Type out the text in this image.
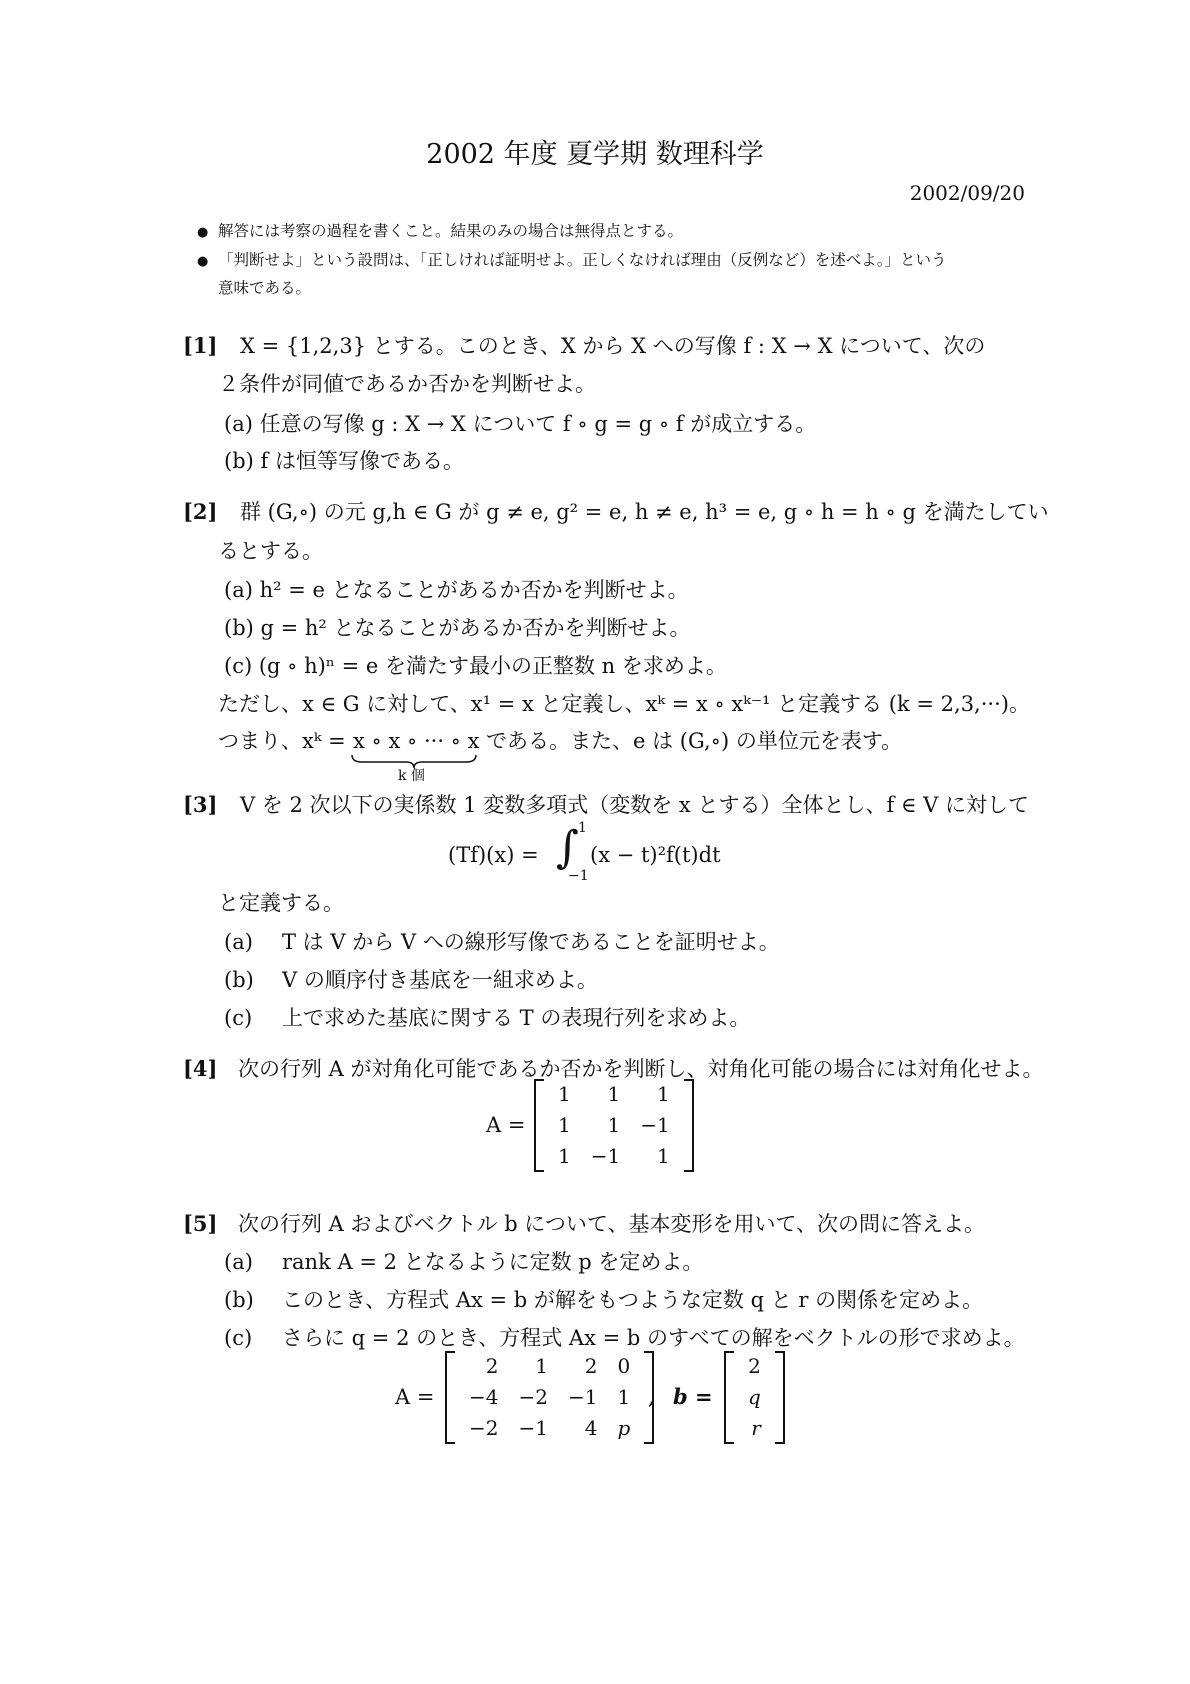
2002 年度 夏学期 数理科学
2002/09/20
● 解答には考察の過程を書くこと。結果のみの場合は無得点とする。
● 「判断せよ」という設問は、「正しければ証明せよ。正しくなければ理由（反例など）を述べよ。」という
意味である。
[1] X = {1,2,3} とする。このとき、X から X への写像 f : X → X について、次の
２条件が同値であるか否かを判断せよ。
(a) 任意の写像 g : X → X について f ∘ g = g ∘ f が成立する。
(b) f は恒等写像である。
[2] 群 (G,∘) の元 g,h ∈ G が g ≠ e, g² = e, h ≠ e, h³ = e, g ∘ h = h ∘ g を満たしてい
るとする。
(a) h² = e となることがあるか否かを判断せよ。
(b) g = h² となることがあるか否かを判断せよ。
(c) (g ∘ h)ⁿ = e を満たす最小の正整数 n を求めよ。
ただし、x ∈ G に対して、x¹ = x と定義し、xᵏ = x ∘ xᵏ⁻¹ と定義する (k = 2,3,···)。
つまり、xᵏ = x ∘ x ∘ ··· ∘ x
k 個
である。また、e は (G,∘) の単位元を表す。
[3] V を 2 次以下の実係数 1 変数多項式（変数を x とする）全体とし、f ∈ V に対して
(Tf)(x) = ∫ 1
−1
(x − t)²f(t)dt
と定義する。
(a) T は V から V への線形写像であることを証明せよ。
(b) V の順序付き基底を一組求めよ。
(c) 上で求めた基底に関する T の表現行列を求めよ。
[4] 次の行列 A が対角化可能であるか否かを判断し、対角化可能の場合には対角化せよ。
A =
1	1	1
1	1	−1
1	−1	1
[5] 次の行列 A およびベクトル b について、基本変形を用いて、次の問に答えよ。
(a) rank A = 2 となるように定数 p を定めよ。
(b) このとき、方程式 Ax = b が解をもつような定数 q と r の関係を定めよ。
(c) さらに q = 2 のとき、方程式 Ax = b のすべての解をベクトルの形で求めよ。
A =
2	1	2	0
−4	−2	−1	1
−2	−1	4	p
, b =
2
q
r
